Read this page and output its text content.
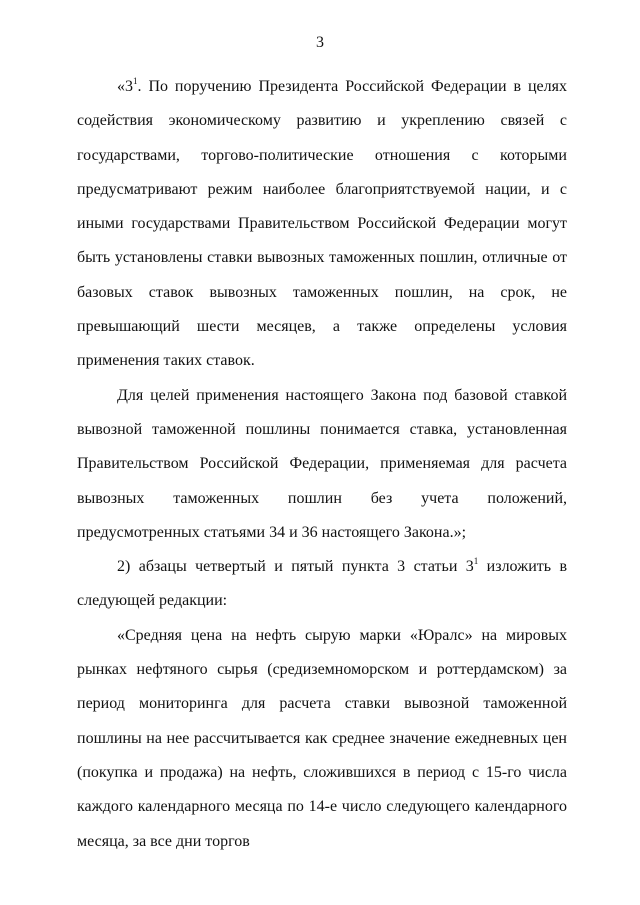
3

«$3^1$. По поручению Президента Российской Федерации в целях содействия экономическому развитию и укреплению связей с государствами, торгово-политические отношения с которыми предусматривают режим наиболее благоприятствуемой нации, и с иными государствами Правительством Российской Федерации могут быть установлены ставки вывозных таможенных пошлин, отличные от базовых ставок вывозных таможенных пошлин, на срок, не превышающий шести месяцев, а также определены условия применения таких ставок.

Для целей применения настоящего Закона под базовой ставкой вывозной таможенной пошлины понимается ставка, установленная Правительством Российской Федерации, применяемая для расчета вывозных таможенных пошлин без учета положений, предусмотренных статьями 34 и 36 настоящего Закона.»;

2) абзацы четвертый и пятый пункта 3 статьи $3^1$ изложить в следующей редакции:

«Средняя цена на нефть сырую марки «Юралс» на мировых рынках нефтяного сырья (средиземноморском и роттердамском) за период мониторинга для расчета ставки вывозной таможенной пошлины на нее рассчитывается как среднее значение ежедневных цен (покупка и продажа) на нефть, сложившихся в период с 15-го числа каждого календарного месяца по 14-е число следующего календарного месяца, за все дни торгов
